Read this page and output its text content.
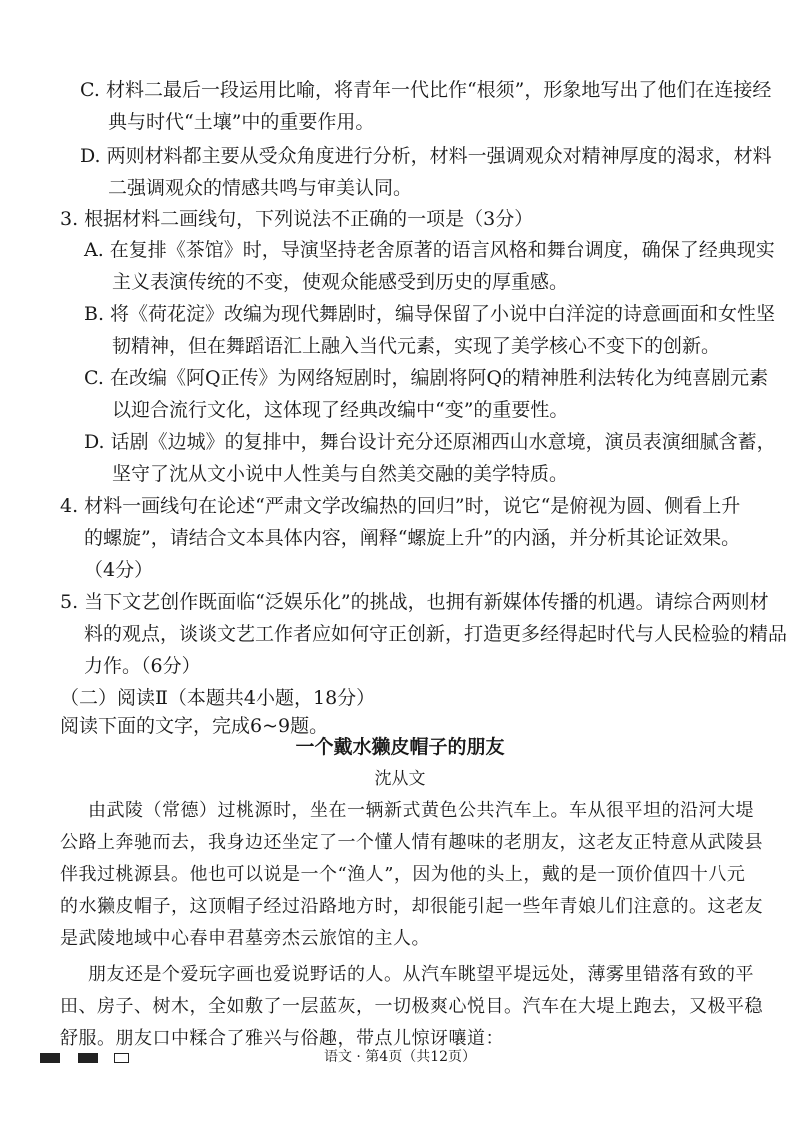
C. 材料二最后一段运用比喻，将青年一代比作“根须”，形象地写出了他们在连接经
典与时代“土壤”中的重要作用。
D. 两则材料都主要从受众角度进行分析，材料一强调观众对精神厚度的渴求，材料
二强调观众的情感共鸣与审美认同。
3. 根据材料二画线句，下列说法不正确的一项是（3分）
A. 在复排《茶馆》时，导演坚持老舍原著的语言风格和舞台调度，确保了经典现实
主义表演传统的不变，使观众能感受到历史的厚重感。
B. 将《荷花淀》改编为现代舞剧时，编导保留了小说中白洋淀的诗意画面和女性坚
韧精神，但在舞蹈语汇上融入当代元素，实现了美学核心不变下的创新。
C. 在改编《阿Q正传》为网络短剧时，编剧将阿Q的精神胜利法转化为纯喜剧元素
以迎合流行文化，这体现了经典改编中“变”的重要性。
D. 话剧《边城》的复排中，舞台设计充分还原湘西山水意境，演员表演细腻含蓄，
坚守了沈从文小说中人性美与自然美交融的美学特质。
4. 材料一画线句在论述“严肃文学改编热的回归”时，说它“是俯视为圆、侧看上升
的螺旋”，请结合文本具体内容，阐释“螺旋上升”的内涵，并分析其论证效果。
（4分）
5. 当下文艺创作既面临“泛娱乐化”的挑战，也拥有新媒体传播的机遇。请综合两则材
料的观点，谈谈文艺工作者应如何守正创新，打造更多经得起时代与人民检验的精品
力作。（6分）
（二）阅读Ⅱ（本题共4小题，18分）
阅读下面的文字，完成6~9题。
一个戴水獭皮帽子的朋友
沈从文
由武陵（常德）过桃源时，坐在一辆新式黄色公共汽车上。车从很平坦的沿河大堤
公路上奔驰而去，我身边还坐定了一个懂人情有趣味的老朋友，这老友正特意从武陵县
伴我过桃源县。他也可以说是一个“渔人”，因为他的头上，戴的是一顶价值四十八元
的水獭皮帽子，这顶帽子经过沿路地方时，却很能引起一些年青娘儿们注意的。这老友
是武陵地域中心春申君墓旁杰云旅馆的主人。
朋友还是个爱玩字画也爱说野话的人。从汽车眺望平堤远处，薄雾里错落有致的平
田、房子、树木，全如敷了一层蓝灰，一切极爽心悦目。汽车在大堤上跑去，又极平稳
舒服。朋友口中糅合了雅兴与俗趣，带点儿惊讶嚷道：
语文 · 第4页（共12页）
